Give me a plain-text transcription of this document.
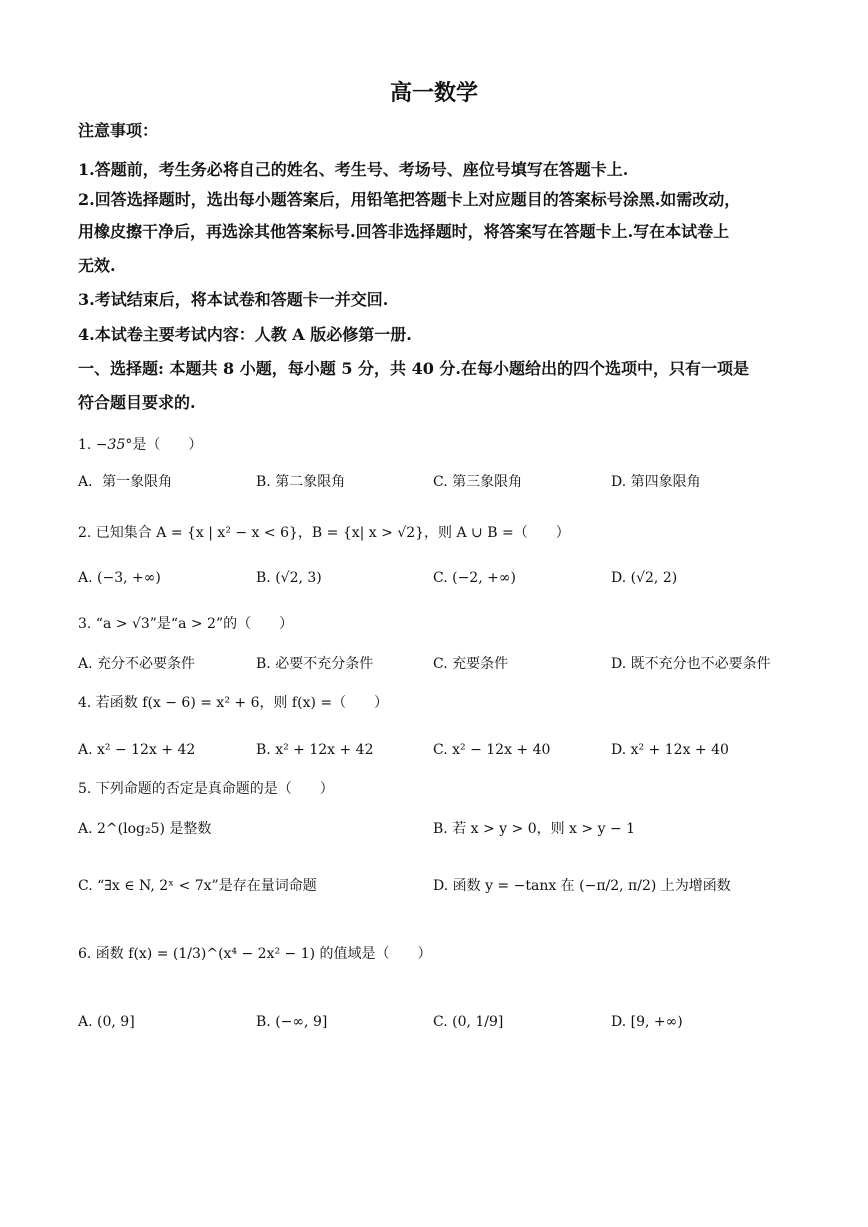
高一数学
注意事项：
1.答题前，考生务必将自己的姓名、考生号、考场号、座位号填写在答题卡上.
2.回答选择题时，选出每小题答案后，用铅笔把答题卡上对应题目的答案标号涂黑.如需改动，
用橡皮擦干净后，再选涂其他答案标号.回答非选择题时，将答案写在答题卡上.写在本试卷上
无效.
3.考试结束后，将本试卷和答题卡一并交回.
4.本试卷主要考试内容：人教 A 版必修第一册.
一、选择题: 本题共 8 小题，每小题 5 分，共 40 分.在每小题给出的四个选项中，只有一项是
符合题目要求的.
1. −35°是（　　）
A．第一象限角	B. 第二象限角	C. 第三象限角	D. 第四象限角
2. 已知集合 A = {x | x² − x < 6}，B = {x| x > √2}，则 A ∪ B =（　　）
A. (−3, +∞)	B. (√2, 3)	C. (−2, +∞)	D. (√2, 2)
3. “a > √3”是“a > 2”的（　　）
A. 充分不必要条件	B. 必要不充分条件	C. 充要条件	D. 既不充分也不必要条件
4. 若函数 f(x − 6) = x² + 6，则 f(x) =（　　）
A. x² − 12x + 42	B. x² + 12x + 42	C. x² − 12x + 40	D. x² + 12x + 40
5. 下列命题的否定是真命题的是（　　）
A. 2^(log₂5) 是整数	B. 若 x > y > 0，则 x > y − 1
C. “∃x ∈ N, 2ˣ < 7x”是存在量词命题	D. 函数 y = −tanx 在 (−π/2, π/2) 上为增函数
6. 函数 f(x) = (1/3)^(x⁴ − 2x² − 1) 的值域是（　　）
A. (0, 9]	B. (−∞, 9]	C. (0, 1/9]	D. [9, +∞)
